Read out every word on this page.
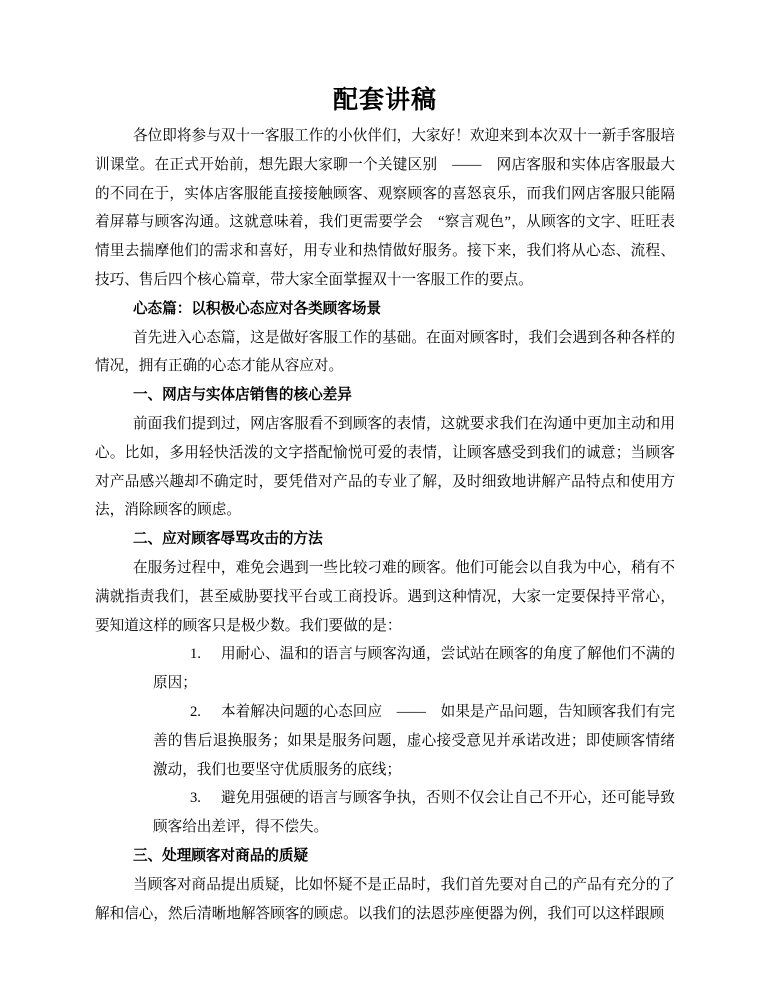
配套讲稿
各位即将参与双十一客服工作的小伙伴们，大家好！欢迎来到本次双十一新手客服培训课堂。在正式开始前，想先跟大家聊一个关键区别　——　网店客服和实体店客服最大的不同在于，实体店客服能直接接触顾客、观察顾客的喜怒哀乐，而我们网店客服只能隔着屏幕与顾客沟通。这就意味着，我们更需要学会　“察言观色”，从顾客的文字、旺旺表情里去揣摩他们的需求和喜好，用专业和热情做好服务。接下来，我们将从心态、流程、技巧、售后四个核心篇章，带大家全面掌握双十一客服工作的要点。
心态篇：以积极心态应对各类顾客场景
首先进入心态篇，这是做好客服工作的基础。在面对顾客时，我们会遇到各种各样的情况，拥有正确的心态才能从容应对。
一、网店与实体店销售的核心差异
前面我们提到过，网店客服看不到顾客的表情，这就要求我们在沟通中更加主动和用心。比如，多用轻快活泼的文字搭配愉悦可爱的表情，让顾客感受到我们的诚意；当顾客对产品感兴趣却不确定时，要凭借对产品的专业了解，及时细致地讲解产品特点和使用方法，消除顾客的顾虑。
二、应对顾客辱骂攻击的方法
在服务过程中，难免会遇到一些比较刁难的顾客。他们可能会以自我为中心，稍有不满就指责我们，甚至威胁要找平台或工商投诉。遇到这种情况，大家一定要保持平常心，要知道这样的顾客只是极少数。我们要做的是：
1. 用耐心、温和的语言与顾客沟通，尝试站在顾客的角度了解他们不满的原因；
2. 本着解决问题的心态回应　——　如果是产品问题，告知顾客我们有完善的售后退换服务；如果是服务问题，虚心接受意见并承诺改进；即使顾客情绪激动，我们也要坚守优质服务的底线；
3. 避免用强硬的语言与顾客争执，否则不仅会让自己不开心，还可能导致顾客给出差评，得不偿失。
三、处理顾客对商品的质疑
当顾客对商品提出质疑，比如怀疑不是正品时，我们首先要对自己的产品有充分的了解和信心，然后清晰地解答顾客的顾虑。以我们的法恩莎座便器为例，我们可以这样跟顾
